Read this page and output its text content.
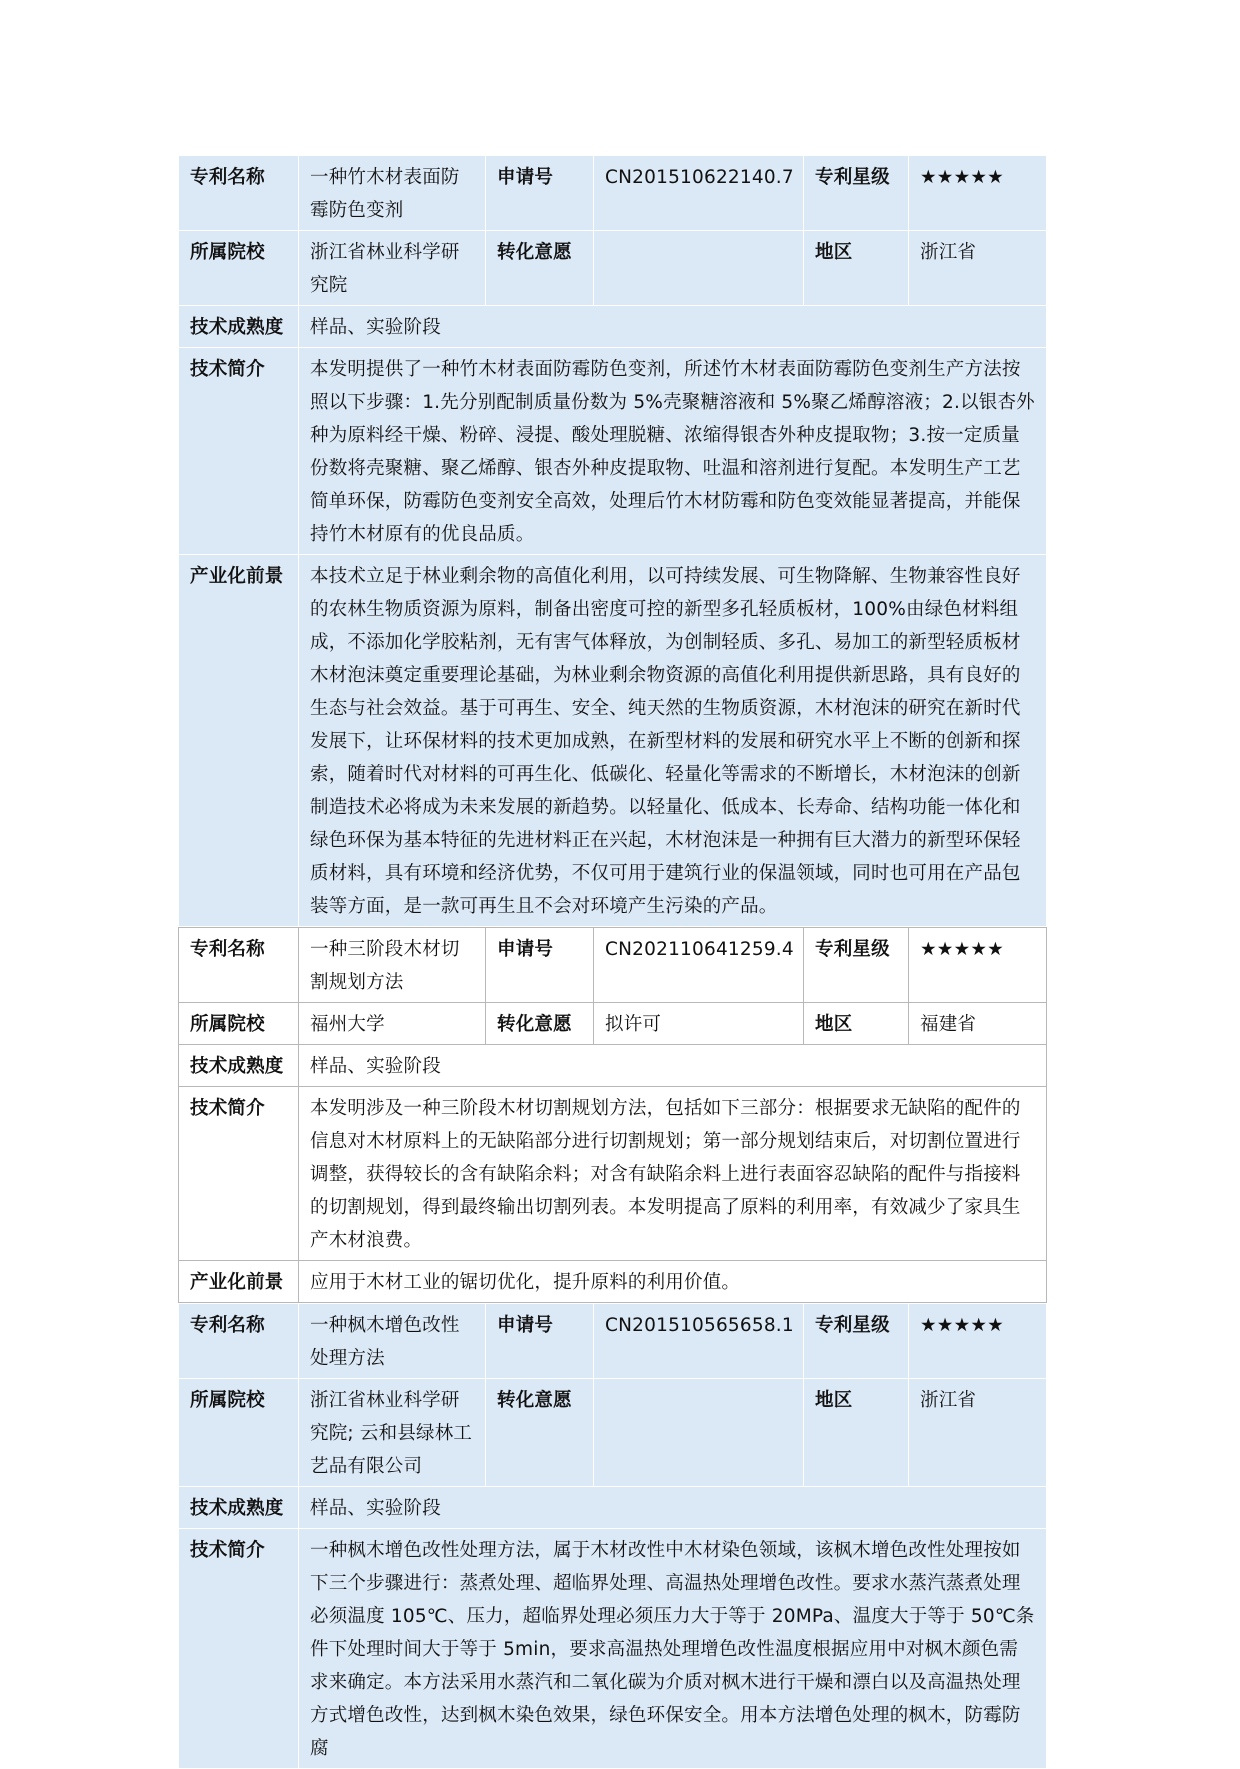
专利名称	一种竹木材表面防霉防色变剂	申请号	CN201510622140.7	专利星级	★★★★★
所属院校	浙江省林业科学研究院	转化意愿		地区	浙江省
技术成熟度	样品、实验阶段				
技术简介	本发明提供了一种竹木材表面防霉防色变剂，所述竹木材表面防霉防色变剂生产方法按照以下步骤：1.先分别配制质量份数为 5%壳聚糖溶液和 5%聚乙烯醇溶液；2.以银杏外种为原料经干燥、粉碎、浸提、酸处理脱糖、浓缩得银杏外种皮提取物；3.按一定质量份数将壳聚糖、聚乙烯醇、银杏外种皮提取物、吐温和溶剂进行复配。本发明生产工艺简单环保，防霉防色变剂安全高效，处理后竹木材防霉和防色变效能显著提高，并能保持竹木材原有的优良品质。				
产业化前景	本技术立足于林业剩余物的高值化利用，以可持续发展、可生物降解、生物兼容性良好的农林生物质资源为原料，制备出密度可控的新型多孔轻质板材，100%由绿色材料组成，不添加化学胶粘剂，无有害气体释放，为创制轻质、多孔、易加工的新型轻质板材木材泡沫奠定重要理论基础，为林业剩余物资源的高值化利用提供新思路，具有良好的生态与社会效益。基于可再生、安全、纯天然的生物质资源，木材泡沫的研究在新时代发展下，让环保材料的技术更加成熟，在新型材料的发展和研究水平上不断的创新和探索，随着时代对材料的可再生化、低碳化、轻量化等需求的不断增长，木材泡沫的创新制造技术必将成为未来发展的新趋势。以轻量化、低成本、长寿命、结构功能一体化和绿色环保为基本特征的先进材料正在兴起，木材泡沫是一种拥有巨大潜力的新型环保轻质材料，具有环境和经济优势，不仅可用于建筑行业的保温领域，同时也可用在产品包装等方面，是一款可再生且不会对环境产生污染的产品。				
专利名称	一种三阶段木材切割规划方法	申请号	CN202110641259.4	专利星级	★★★★★
所属院校	福州大学	转化意愿	拟许可	地区	福建省
技术成熟度	样品、实验阶段				
技术简介	本发明涉及一种三阶段木材切割规划方法，包括如下三部分：根据要求无缺陷的配件的信息对木材原料上的无缺陷部分进行切割规划；第一部分规划结束后，对切割位置进行调整，获得较长的含有缺陷余料；对含有缺陷余料上进行表面容忍缺陷的配件与指接料的切割规划，得到最终输出切割列表。本发明提高了原料的利用率，有效减少了家具生产木材浪费。				
产业化前景	应用于木材工业的锯切优化，提升原料的利用价值。				
专利名称	一种枫木增色改性处理方法	申请号	CN201510565658.1	专利星级	★★★★★
所属院校	浙江省林业科学研究院; 云和县绿林工艺品有限公司	转化意愿		地区	浙江省
技术成熟度	样品、实验阶段				
技术简介	一种枫木增色改性处理方法，属于木材改性中木材染色领域，该枫木增色改性处理按如下三个步骤进行：蒸煮处理、超临界处理、高温热处理增色改性。要求水蒸汽蒸煮处理必须温度 105℃、压力，超临界处理必须压力大于等于 20MPa、温度大于等于 50℃条件下处理时间大于等于 5min，要求高温热处理增色改性温度根据应用中对枫木颜色需求来确定。本方法采用水蒸汽和二氧化碳为介质对枫木进行干燥和漂白以及高温热处理方式增色改性，达到枫木染色效果，绿色环保安全。用本方法增色处理的枫木，防霉防腐				
